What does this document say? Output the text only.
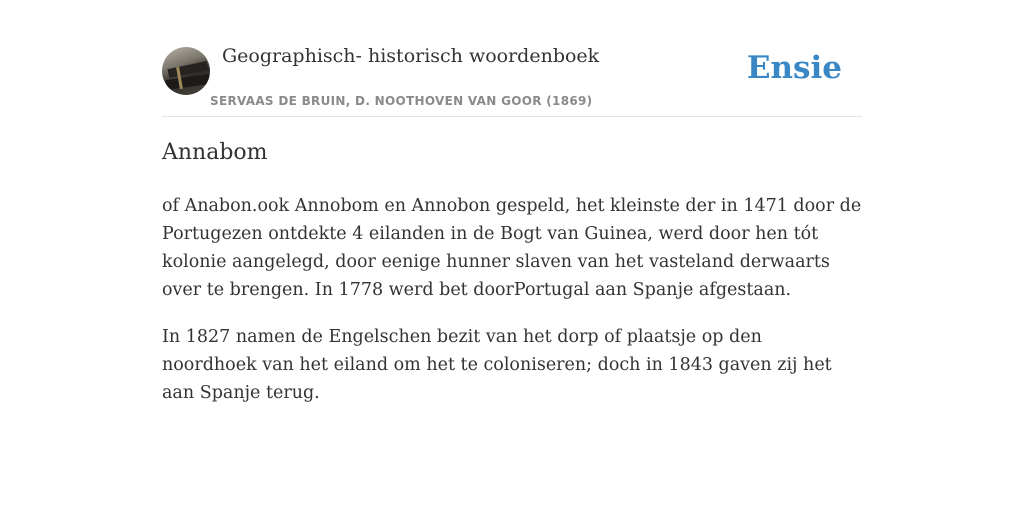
Geographisch- historisch woordenboek
SERVAAS DE BRUIN, D. NOOTHOVEN VAN GOOR (1869)
Ensie
Annabom

of Anabon.ook Annobom en Annobon gespeld, het kleinste der in 1471 door de Portugezen ontdekte 4 eilanden in de Bogt van Guinea, werd door hen tót kolonie aangelegd, door eenige hunner slaven van het vasteland derwaarts over te brengen. In 1778 werd bet doorPortugal aan Spanje afgestaan.

In 1827 namen de Engelschen bezit van het dorp of plaatsje op den noordhoek van het eiland om het te coloniseren; doch in 1843 gaven zij het aan Spanje terug.
